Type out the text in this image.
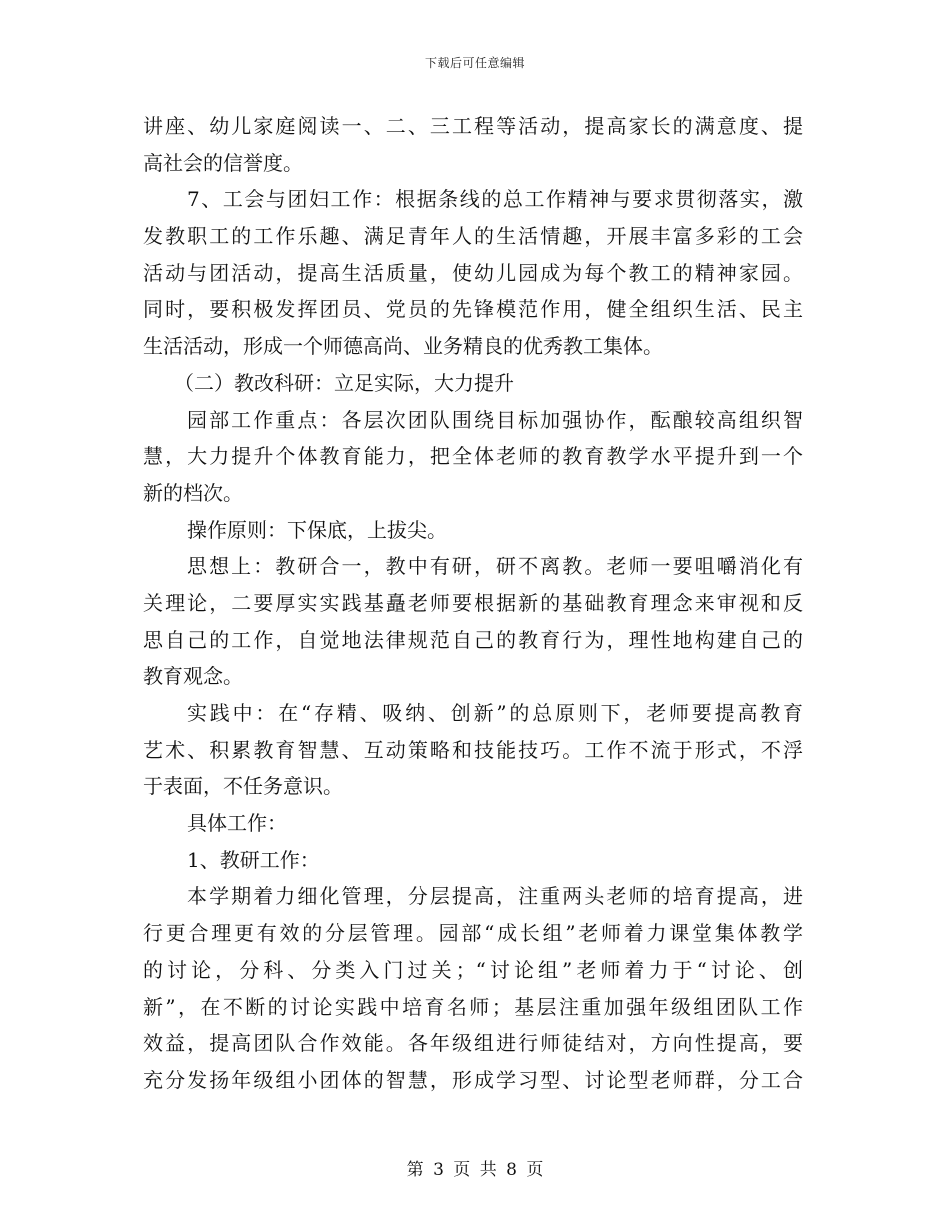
下载后可任意编辑
讲座、幼儿家庭阅读一、二、三工程等活动，提高家长的满意度、提
高社会的信誉度。
7、工会与团妇工作：根据条线的总工作精神与要求贯彻落实，激
发教职工的工作乐趣、满足青年人的生活情趣，开展丰富多彩的工会
活动与团活动，提高生活质量，使幼儿园成为每个教工的精神家园。
同时，要积极发挥团员、党员的先锋模范作用，健全组织生活、民主
生活活动，形成一个师德高尚、业务精良的优秀教工集体。
（二）教改科研：立足实际，大力提升
园部工作重点：各层次团队围绕目标加强协作，酝酿较高组织智
慧，大力提升个体教育能力，把全体老师的教育教学水平提升到一个
新的档次。
操作原则：下保底，上拔尖。
思想上：教研合一，教中有研，研不离教。老师一要咀嚼消化有
关理论，二要厚实实践基矗老师要根据新的基础教育理念来审视和反
思自己的工作，自觉地法律规范自己的教育行为，理性地构建自己的
教育观念。
实践中：在“存精、吸纳、创新”的总原则下，老师要提高教育
艺术、积累教育智慧、互动策略和技能技巧。工作不流于形式，不浮
于表面，不任务意识。
具体工作：
1、教研工作：
本学期着力细化管理，分层提高，注重两头老师的培育提高，进
行更合理更有效的分层管理。园部“成长组”老师着力课堂集体教学
的讨论，分科、分类入门过关；“讨论组”老师着力于“讨论、创
新”，在不断的讨论实践中培育名师；基层注重加强年级组团队工作
效益，提高团队合作效能。各年级组进行师徒结对，方向性提高，要
充分发扬年级组小团体的智慧，形成学习型、讨论型老师群，分工合
第 3 页 共 8 页
